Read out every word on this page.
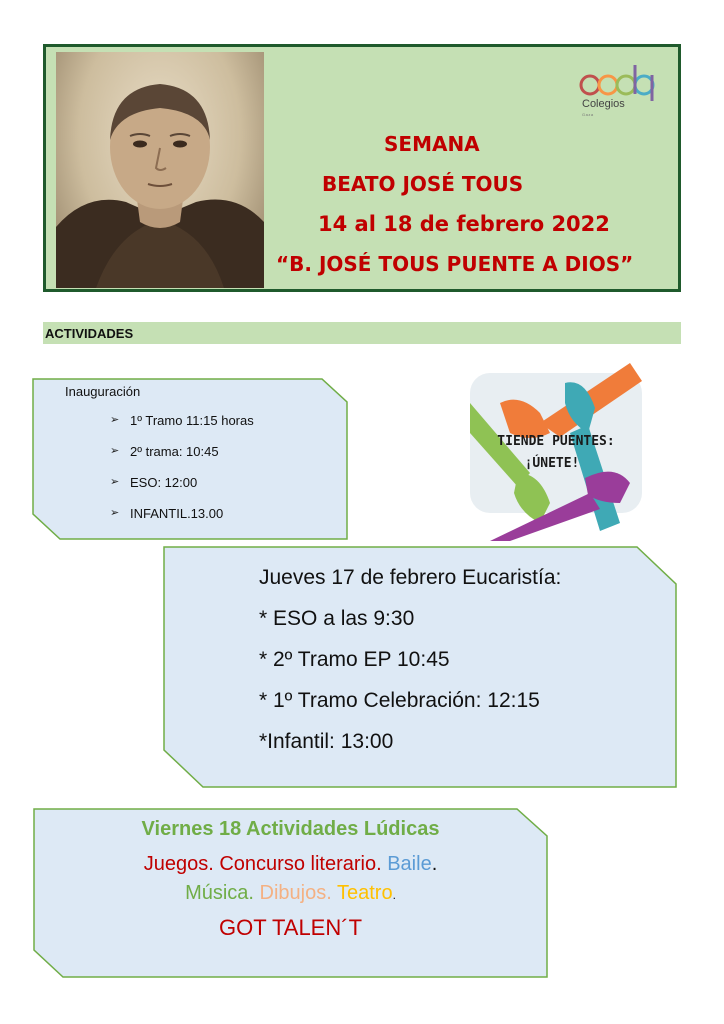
SEMANA
BEATO JOSÉ TOUS
14 al 18 de febrero 2022
“B. JOSÉ TOUS PUENTE A DIOS”
Colegios
Gaza
ACTIVIDADES
Inauguración
➢ 1º Tramo 11:15 horas
➢ 2º trama: 10:45
➢ ESO: 12:00
➢ INFANTIL.13.00
TIENDE PUENTES:
¡ÚNETE!
Jueves 17 de febrero Eucaristía:
* ESO a las 9:30
* 2º Tramo EP 10:45
* 1º Tramo Celebración: 12:15
*Infantil: 13:00
Viernes 18 Actividades Lúdicas
Juegos. Concurso literario. Baile.
Música. Dibujos. Teatro.
GOT TALEN´T
